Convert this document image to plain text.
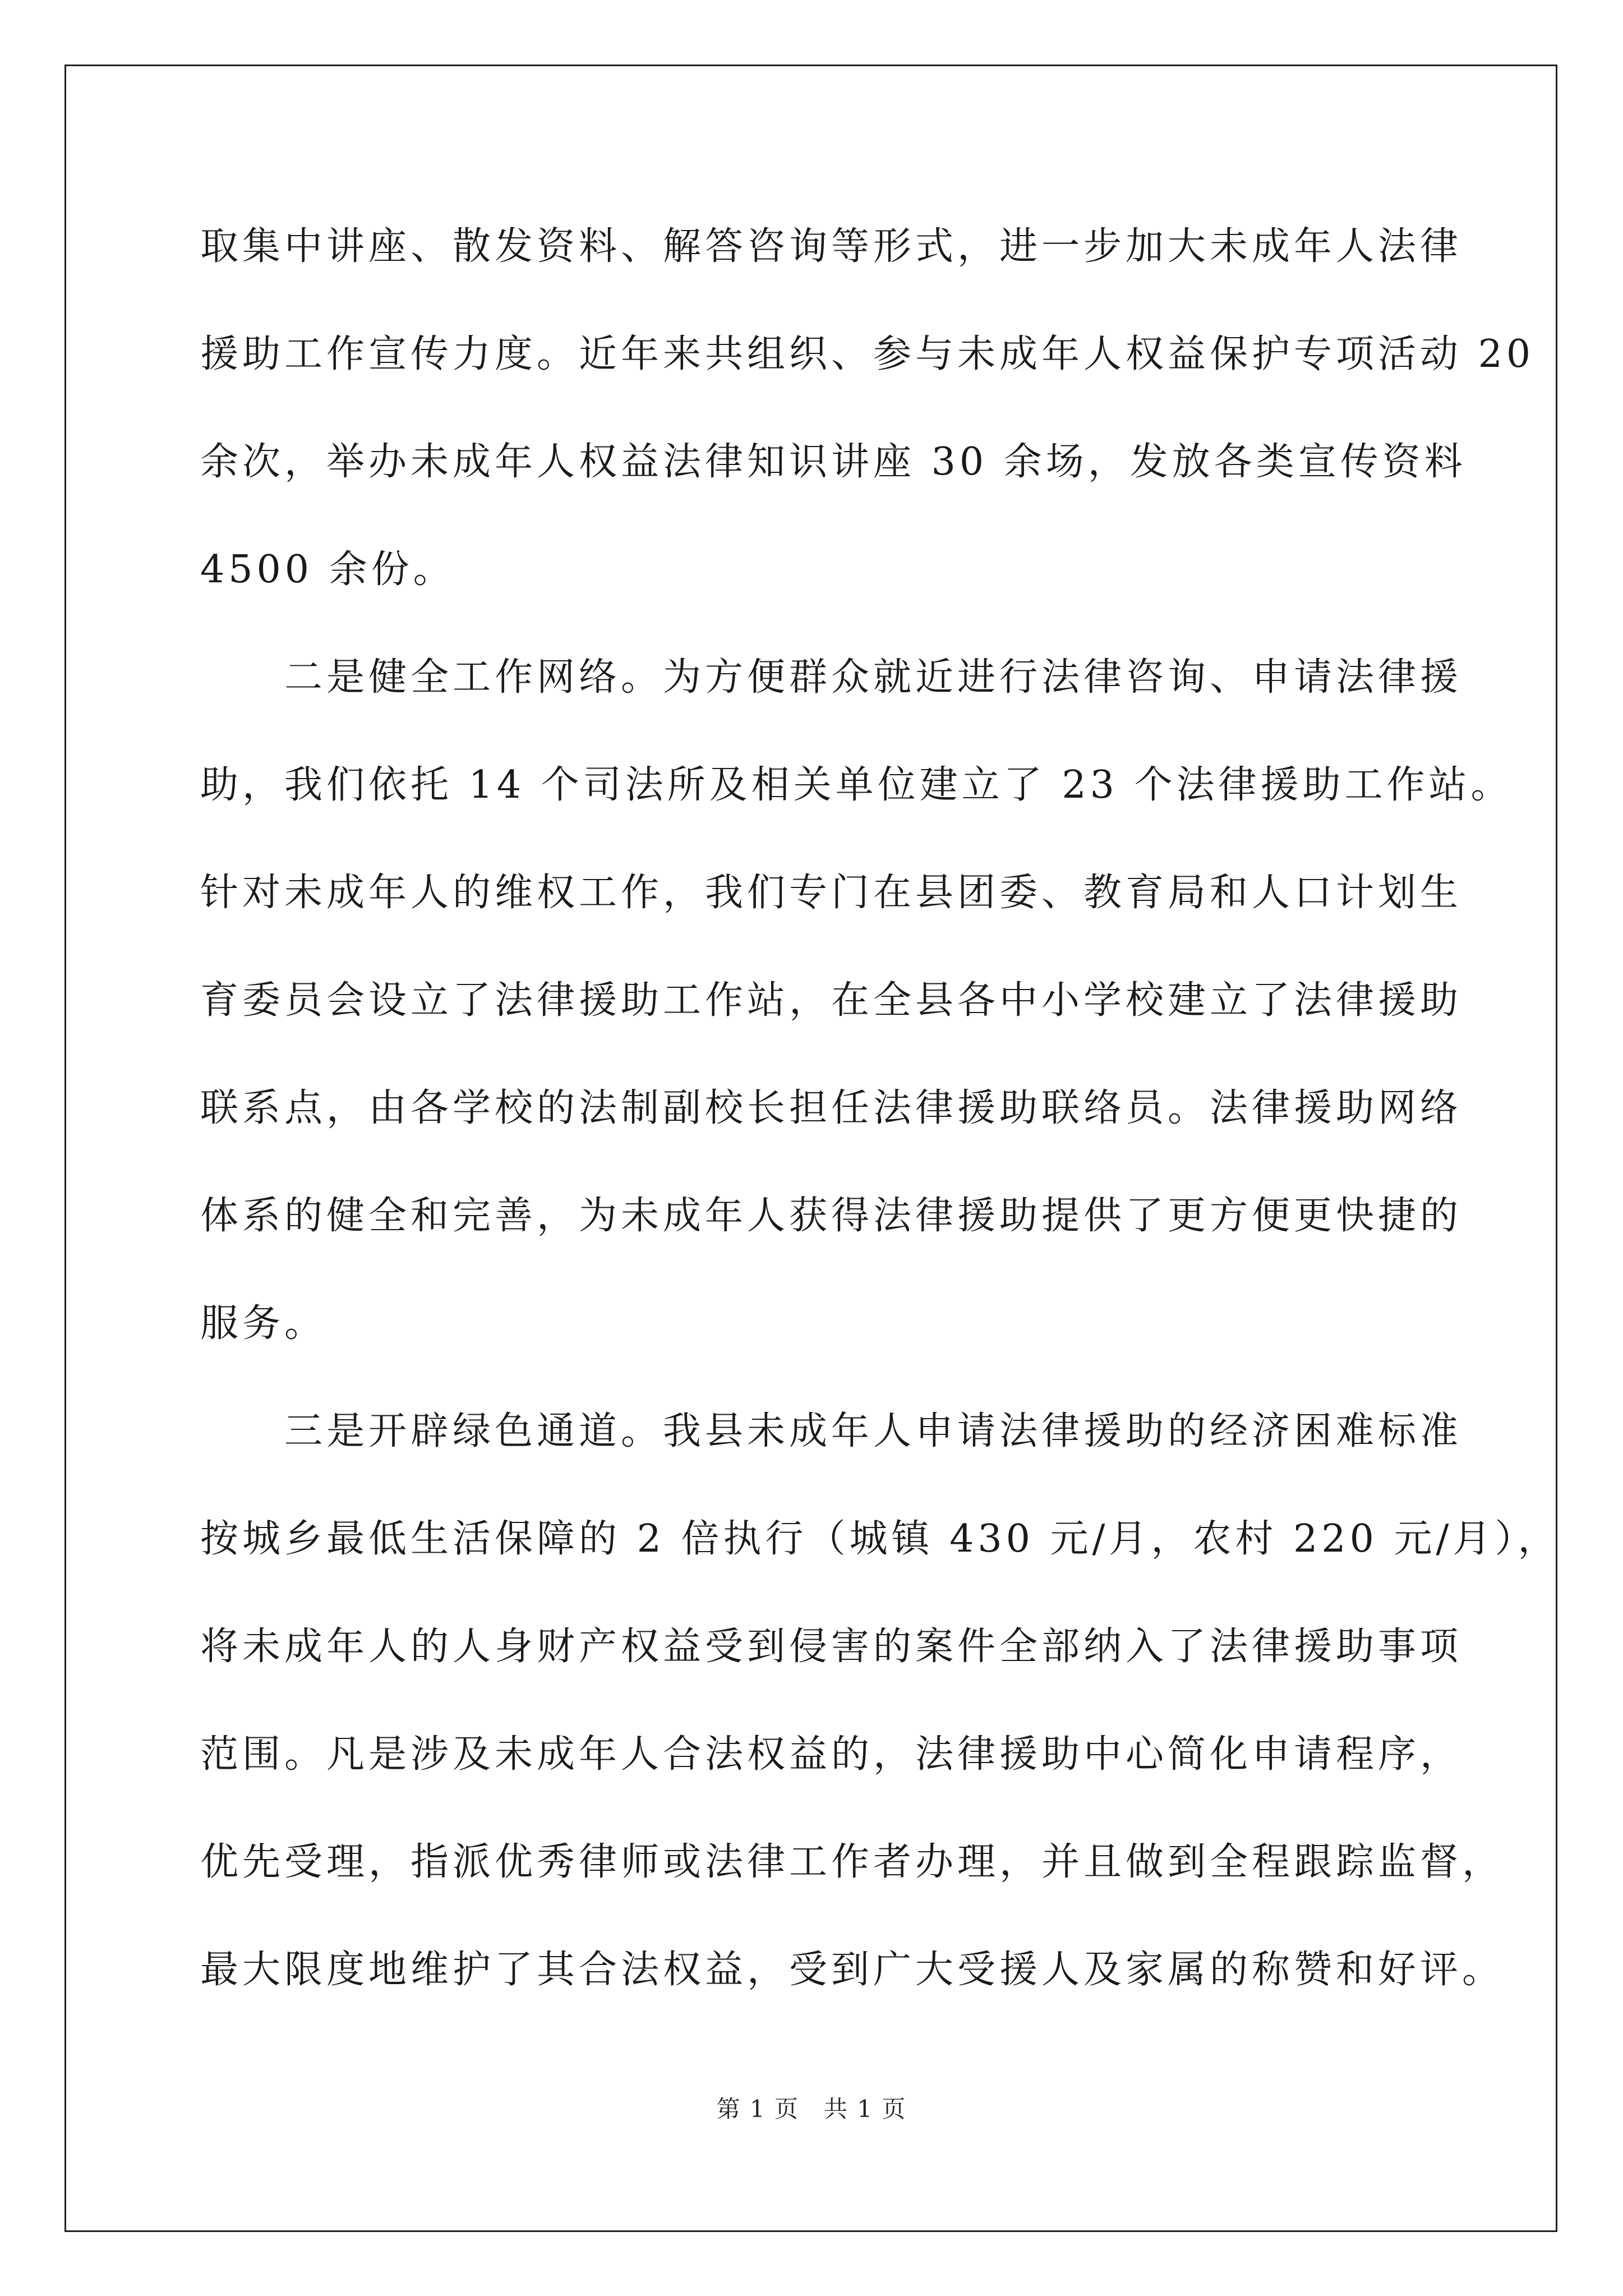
取集中讲座、散发资料、解答咨询等形式，进一步加大未成年人法律
援助工作宣传力度。近年来共组织、参与未成年人权益保护专项活动 20
余次，举办未成年人权益法律知识讲座 30 余场，发放各类宣传资料
4500 余份。
二是健全工作网络。为方便群众就近进行法律咨询、申请法律援
助，我们依托 14 个司法所及相关单位建立了 23 个法律援助工作站。
针对未成年人的维权工作，我们专门在县团委、教育局和人口计划生
育委员会设立了法律援助工作站，在全县各中小学校建立了法律援助
联系点，由各学校的法制副校长担任法律援助联络员。法律援助网络
体系的健全和完善，为未成年人获得法律援助提供了更方便更快捷的
服务。
三是开辟绿色通道。我县未成年人申请法律援助的经济困难标准
按城乡最低生活保障的 2 倍执行（城镇 430 元/月，农村 220 元/月），
将未成年人的人身财产权益受到侵害的案件全部纳入了法律援助事项
范围。凡是涉及未成年人合法权益的，法律援助中心简化申请程序，
优先受理，指派优秀律师或法律工作者办理，并且做到全程跟踪监督，
最大限度地维护了其合法权益，受到广大受援人及家属的称赞和好评。
第 1 页　共 1 页
